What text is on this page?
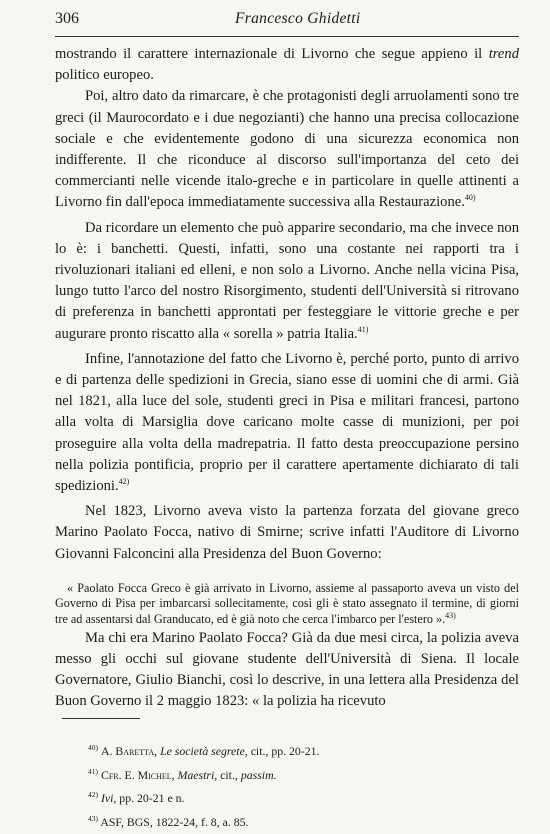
306	Francesco Ghidetti

mostrando il carattere internazionale di Livorno che segue appieno il trend politico europeo.

Poi, altro dato da rimarcare, è che protagonisti degli arruolamenti sono tre greci (il Maurocordato e i due negozianti) che hanno una precisa collocazione sociale e che evidentemente godono di una sicurezza economica non indifferente. Il che riconduce al discorso sull'importanza del ceto dei commercianti nelle vicende italo-greche e in particolare in quelle attinenti a Livorno fin dall'epoca immediatamente successiva alla Restaurazione.$^{40)}$

Da ricordare un elemento che può apparire secondario, ma che invece non lo è: i banchetti. Questi, infatti, sono una costante nei rapporti tra i rivoluzionari italiani ed elleni, e non solo a Livorno. Anche nella vicina Pisa, lungo tutto l'arco del nostro Risorgimento, studenti dell'Università si ritrovano di preferenza in banchetti approntati per festeggiare le vittorie greche e per augurare pronto riscatto alla « sorella » patria Italia.$^{41)}$

Infine, l'annotazione del fatto che Livorno è, perché porto, punto di arrivo e di partenza delle spedizioni in Grecia, siano esse di uomini che di armi. Già nel 1821, alla luce del sole, studenti greci in Pisa e militari francesi, partono alla volta di Marsiglia dove caricano molte casse di munizioni, per poi proseguire alla volta della madrepatria. Il fatto desta preoccupazione persino nella polizia pontificia, proprio per il carattere apertamente dichiarato di tali spedizioni.$^{42)}$

Nel 1823, Livorno aveva visto la partenza forzata del giovane greco Marino Paolato Focca, nativo di Smirne; scrive infatti l'Auditore di Livorno Giovanni Falconcini alla Presidenza del Buon Governo:

« Paolato Focca Greco è già arrivato in Livorno, assieme al passaporto aveva un visto del Governo di Pisa per imbarcarsi sollecitamente, così gli è stato assegnato il termine, di giorni tre ad assentarsi dal Granducato, ed è già noto che cerca l'imbarco per l'estero ».$^{43)}$

Ma chi era Marino Paolato Focca? Già da due mesi circa, la polizia aveva messo gli occhi sul giovane studente dell'Università di Siena. Il locale Governatore, Giulio Bianchi, così lo descrive, in una lettera alla Presidenza del Buon Governo il 2 maggio 1823: « la polizia ha ricevuto

$^{40)}$ A. Baretta, Le società segrete, cit., pp. 20-21.
$^{41)}$ Cfr. E. Michel, Maestri, cit., passim.
$^{42)}$ Ivi, pp. 20-21 e n.
$^{43)}$ ASF, BGS, 1822-24, f. 8, a. 85.
